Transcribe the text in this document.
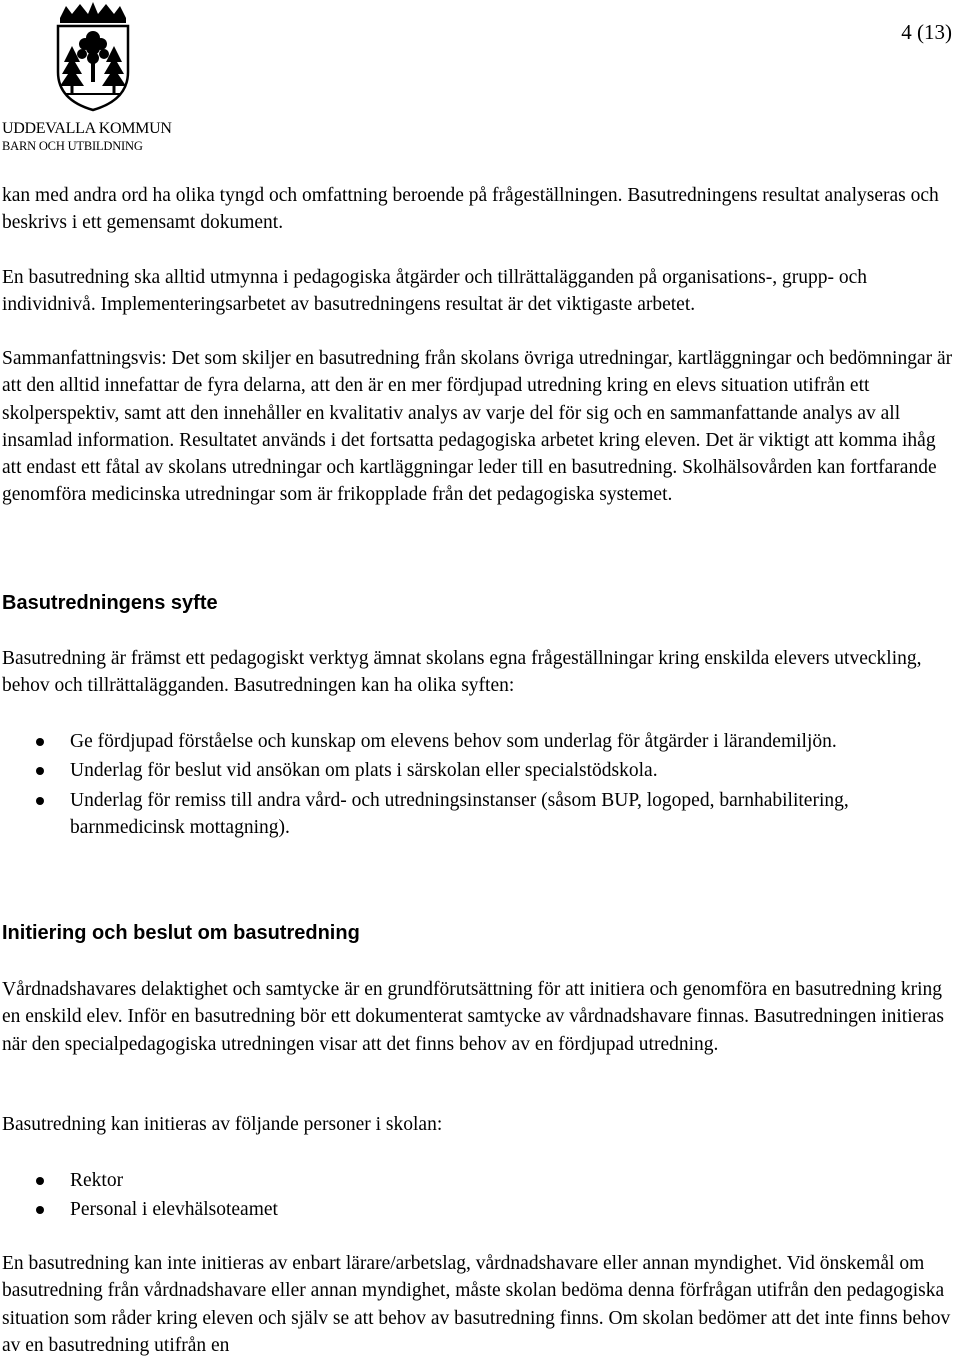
UDDEVALLA KOMMUN
BARN OCH UTBILDNING
4 (13)

kan med andra ord ha olika tyngd och omfattning beroende på frågeställningen. Basutredningens resultat analyseras och beskrivs i ett gemensamt dokument.

En basutredning ska alltid utmynna i pedagogiska åtgärder och tillrättalägganden på organisations-, grupp- och individnivå. Implementeringsarbetet av basutredningens resultat är det viktigaste arbetet.

Sammanfattningsvis: Det som skiljer en basutredning från skolans övriga utredningar, kartläggningar och bedömningar är att den alltid innefattar de fyra delarna, att den är en mer fördjupad utredning kring en elevs situation utifrån ett skolperspektiv, samt att den innehåller en kvalitativ analys av varje del för sig och en sammanfattande analys av all insamlad information. Resultatet används i det fortsatta pedagogiska arbetet kring eleven. Det är viktigt att komma ihåg att endast ett fåtal av skolans utredningar och kartläggningar leder till en basutredning. Skolhälsovården kan fortfarande genomföra medicinska utredningar som är frikopplade från det pedagogiska systemet.

Basutredningens syfte

Basutredning är främst ett pedagogiskt verktyg ämnat skolans egna frågeställningar kring enskilda elevers utveckling, behov och tillrättalägganden. Basutredningen kan ha olika syften:

Ge fördjupad förståelse och kunskap om elevens behov som underlag för åtgärder i lärandemiljön.
Underlag för beslut vid ansökan om plats i särskolan eller specialstödskola.
Underlag för remiss till andra vård- och utredningsinstanser (såsom BUP, logoped, barnhabilitering, barnmedicinsk mottagning).
Initiering och beslut om basutredning

Vårdnadshavares delaktighet och samtycke är en grundförutsättning för att initiera och genomföra en basutredning kring en enskild elev. Inför en basutredning bör ett dokumenterat samtycke av vårdnadshavare finnas. Basutredningen initieras när den specialpedagogiska utredningen visar att det finns behov av en fördjupad utredning.

Basutredning kan initieras av följande personer i skolan:

Rektor
Personal i elevhälsoteamet

En basutredning kan inte initieras av enbart lärare/arbetslag, vårdnadshavare eller annan myndighet. Vid önskemål om basutredning från vårdnadshavare eller annan myndighet, måste skolan bedöma denna förfrågan utifrån den pedagogiska situation som råder kring eleven och själv se att behov av basutredning finns. Om skolan bedömer att det inte finns behov av en basutredning utifrån en
